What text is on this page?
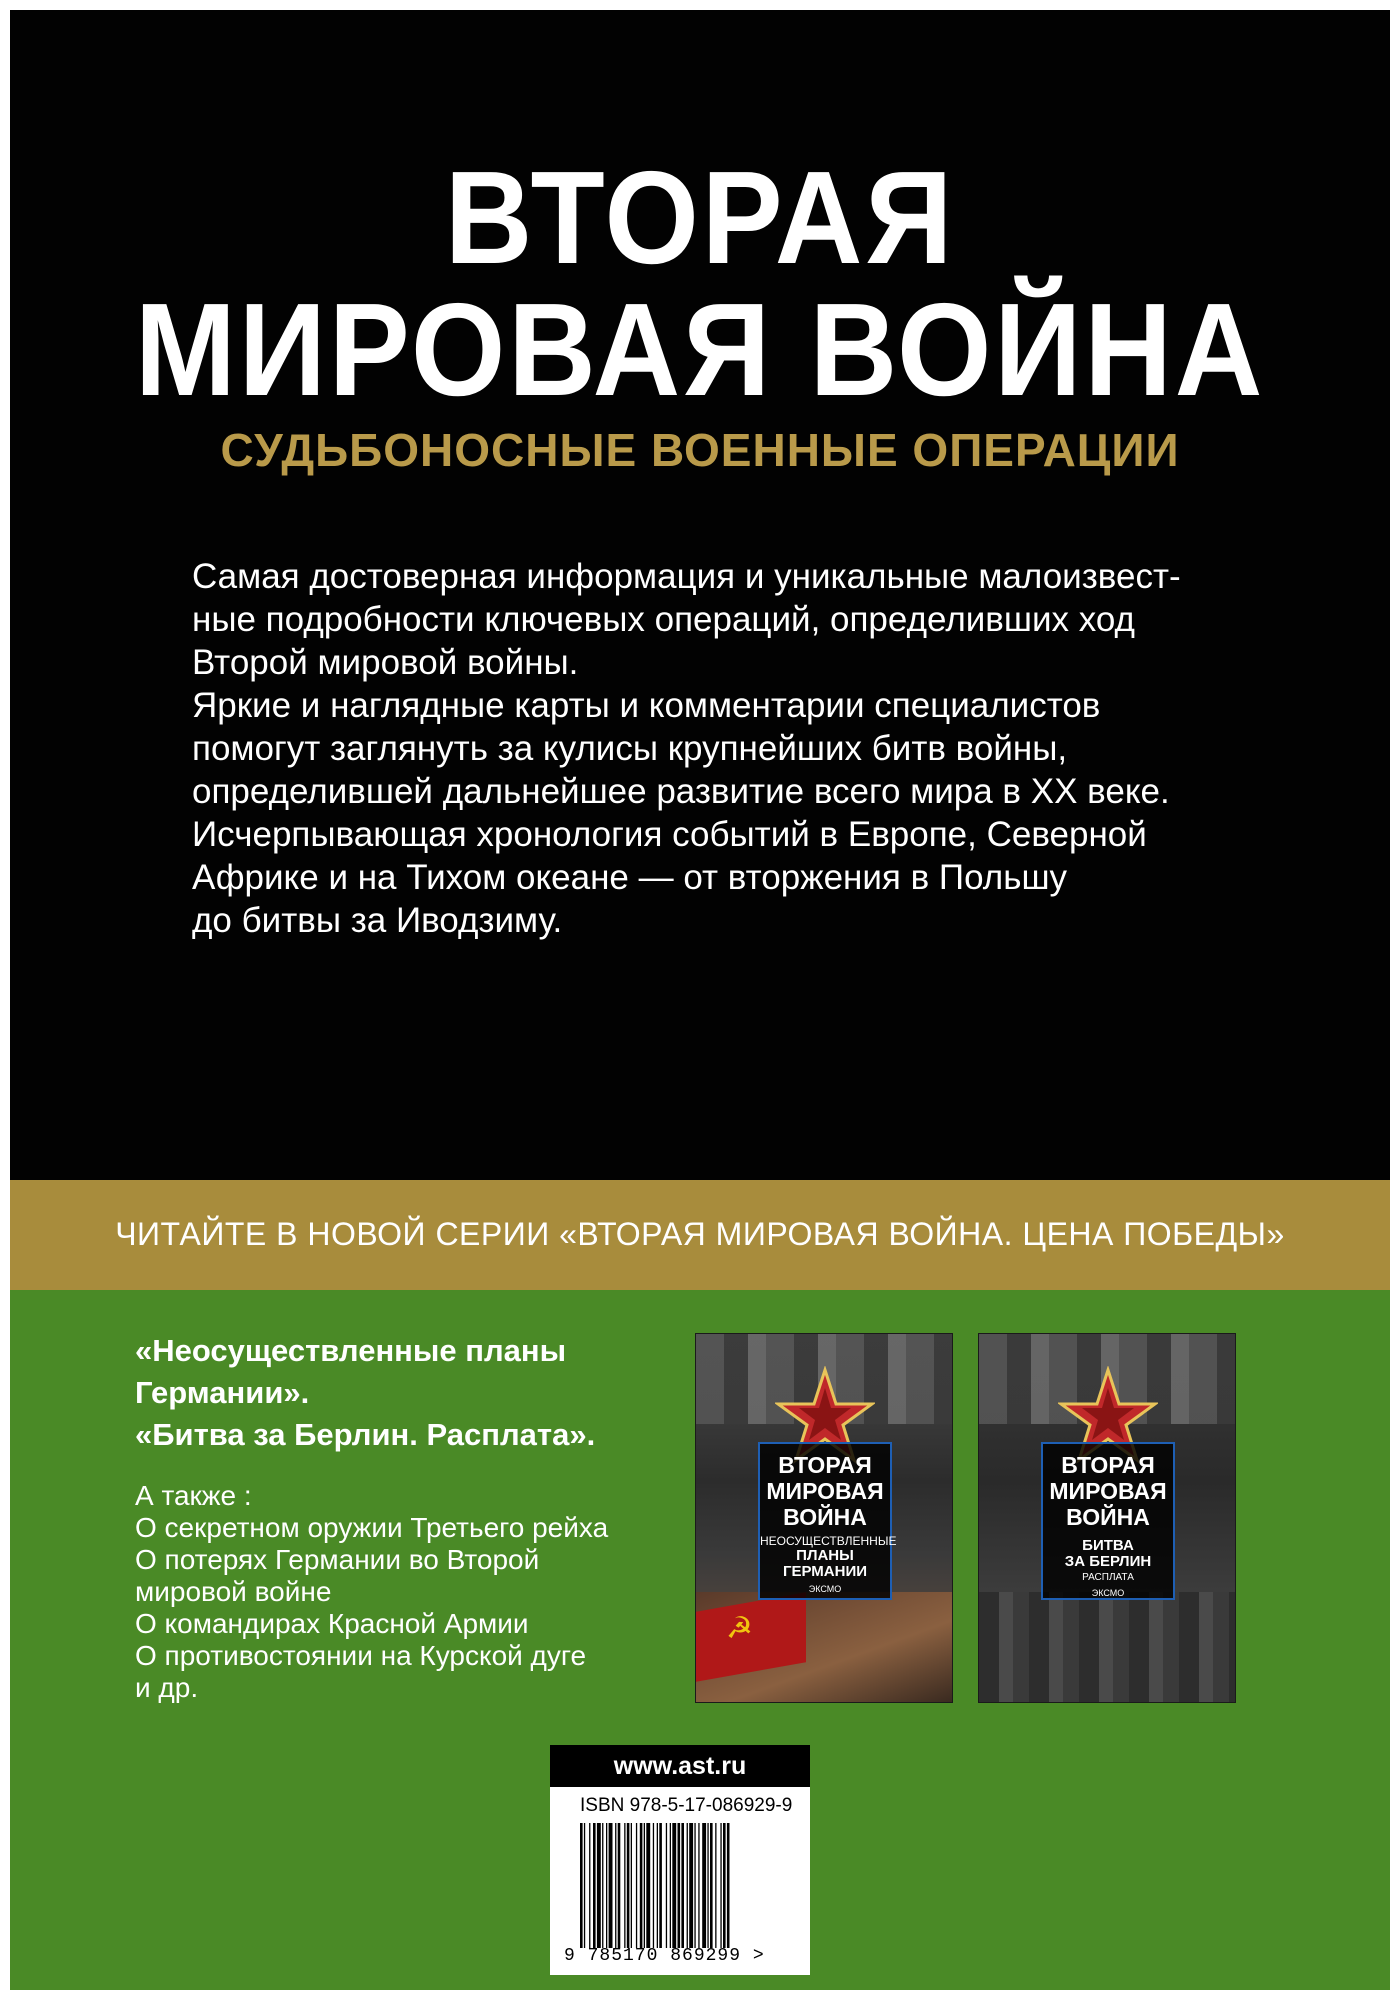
ВТОРАЯ
МИРОВАЯ ВОЙНА
СУДЬБОНОСНЫЕ ВОЕННЫЕ ОПЕРАЦИИ
Самая достоверная информация и уникальные малоизвест-
ные подробности ключевых операций, определивших ход
Второй мировой войны.
Яркие и наглядные карты и комментарии специалистов
помогут заглянуть за кулисы крупнейших битв войны,
определившей дальнейшее развитие всего мира в XX веке.
Исчерпывающая хронология событий в Европе, Северной
Африке и на Тихом океане — от вторжения в Польшу
до битвы за Иводзиму.
ЧИТАЙТЕ В НОВОЙ СЕРИИ «ВТОРАЯ МИРОВАЯ ВОЙНА. ЦЕНА ПОБЕДЫ»
«Неосуществленные планы
Германии».
«Битва за Берлин. Расплата».
А также :
О секретном оружии Третьего рейха
О потерях Германии во Второй
мировой войне
О командирах Красной Армии
О противостоянии на Курской дуге
и др.
☭
ВТОРАЯ
МИРОВАЯ
ВОЙНА
НЕОСУЩЕСТВЛЕННЫЕ
ПЛАНЫ
ГЕРМАНИИ
ЭКСМО
ВТОРАЯ
МИРОВАЯ
ВОЙНА
БИТВА
ЗА БЕРЛИН
РАСПЛАТА
ЭКСМО
www.ast.ru
ISBN 978-5-17-086929-9
9 785170 869299 >
